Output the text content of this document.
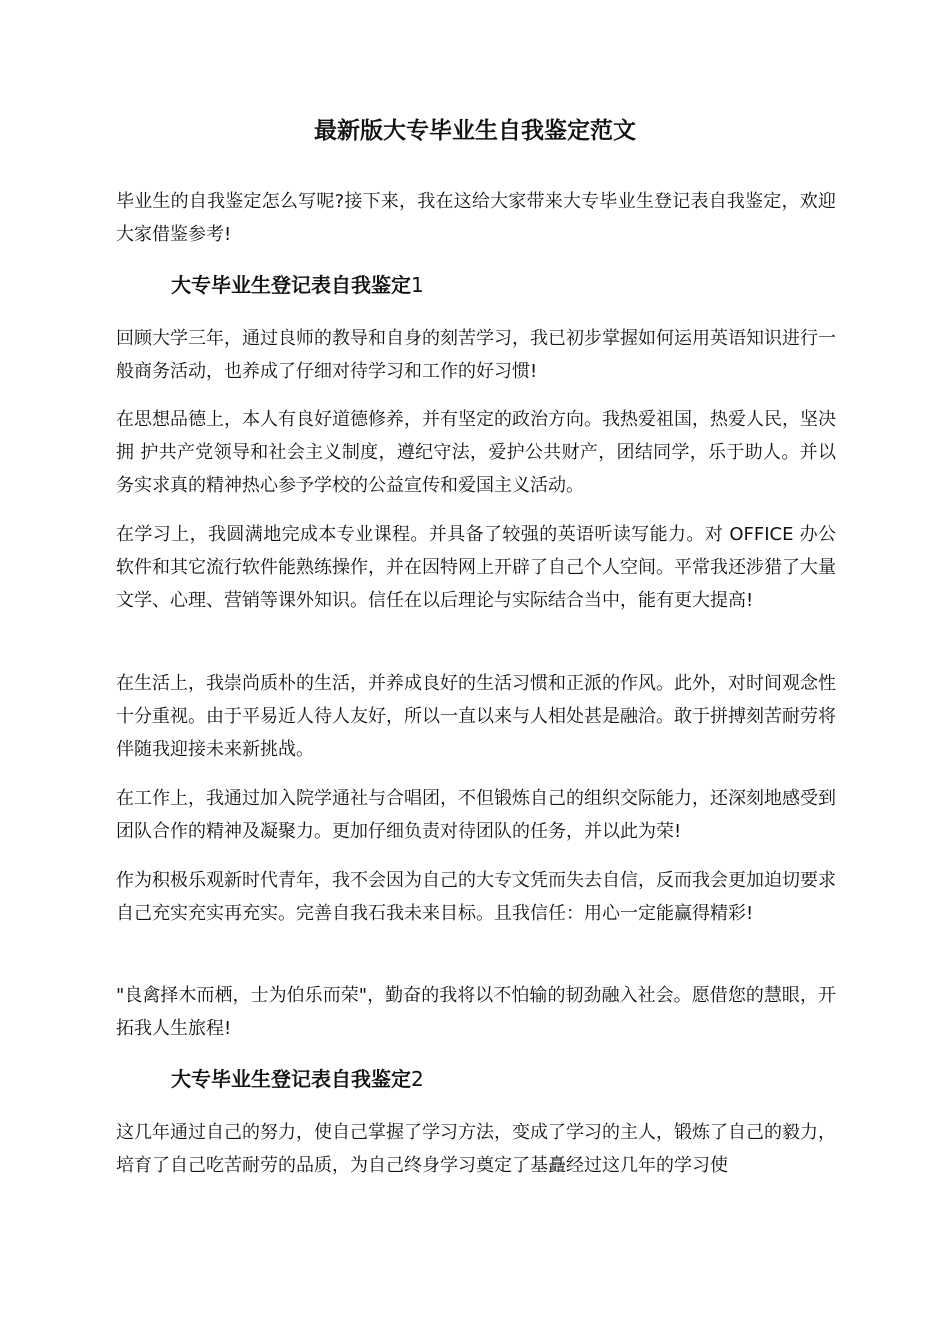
最新版大专毕业生自我鉴定范文

毕业生的自我鉴定怎么写呢?接下来，我在这给大家带来大专毕业生登记表自我鉴定，欢迎大家借鉴参考!

大专毕业生登记表自我鉴定1

回顾大学三年，通过良师的教导和自身的刻苦学习，我已初步掌握如何运用英语知识进行一般商务活动，也养成了仔细对待学习和工作的好习惯!

在思想品德上，本人有良好道德修养，并有坚定的政治方向。我热爱祖国，热爱人民，坚决拥 护共产党领导和社会主义制度，遵纪守法，爱护公共财产，团结同学，乐于助人。并以务实求真的精神热心参予学校的公益宣传和爱国主义活动。

在学习上，我圆满地完成本专业课程。并具备了较强的英语听读写能力。对 OFFICE 办公软件和其它流行软件能熟练操作，并在因特网上开辟了自己个人空间。平常我还涉猎了大量文学、心理、营销等课外知识。信任在以后理论与实际结合当中，能有更大提高!

在生活上，我崇尚质朴的生活，并养成良好的生活习惯和正派的作风。此外，对时间观念性十分重视。由于平易近人待人友好，所以一直以来与人相处甚是融洽。敢于拼搏刻苦耐劳将伴随我迎接未来新挑战。

在工作上，我通过加入院学通社与合唱团，不但锻炼自己的组织交际能力，还深刻地感受到团队合作的精神及凝聚力。更加仔细负责对待团队的任务，并以此为荣!

作为积极乐观新时代青年，我不会因为自己的大专文凭而失去自信，反而我会更加迫切要求自己充实充实再充实。完善自我石我未来目标。且我信任：用心一定能赢得精彩!

"良禽择木而栖，士为伯乐而荣"，勤奋的我将以不怕输的韧劲融入社会。愿借您的慧眼，开拓我人生旅程!

大专毕业生登记表自我鉴定2

这几年通过自己的努力，使自己掌握了学习方法，变成了学习的主人，锻炼了自己的毅力，培育了自己吃苦耐劳的品质，为自己终身学习奠定了基矗经过这几年的学习使
